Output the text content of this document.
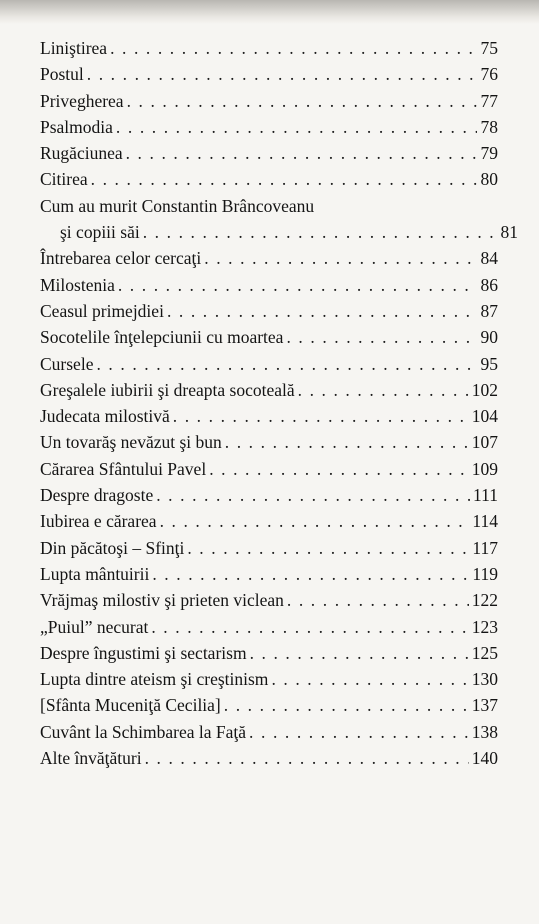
Liniştirea . . .	75
Postul . . .	76
Privegherea . . .	77
Psalmodia . . .	78
Rugăciunea . . .	79
Citirea . . .	80
Cum au murit Constantin Brâncoveanu
şi copiii săi . . .	81
Întrebarea celor cercaţi . . .	84
Milostenia . . .	86
Ceasul primejdiei . . .	87
Socotelile înţelepciunii cu moartea . . .	90
Cursele . . .	95
Greşalele iubirii şi dreapta socoteală . . .	102
Judecata milostivă . . .	104
Un tovarăş nevăzut şi bun . . .	107
Cărarea Sfântului Pavel . . .	109
Despre dragoste . . .	111
Iubirea e cărarea . . .	114
Din păcătoşi – Sfinţi . . .	117
Lupta mântuirii . . .	119
Vrăjmaş milostiv şi prieten viclean . . .	122
„Puiul” necurat . . .	123
Despre îngustimi şi sectarism . . .	125
Lupta dintre ateism şi creştinism . . .	130
[Sfânta Muceniţă Cecilia] . . .	137
Cuvânt la Schimbarea la Faţă . . .	138
Alte învăţături . . .	140
